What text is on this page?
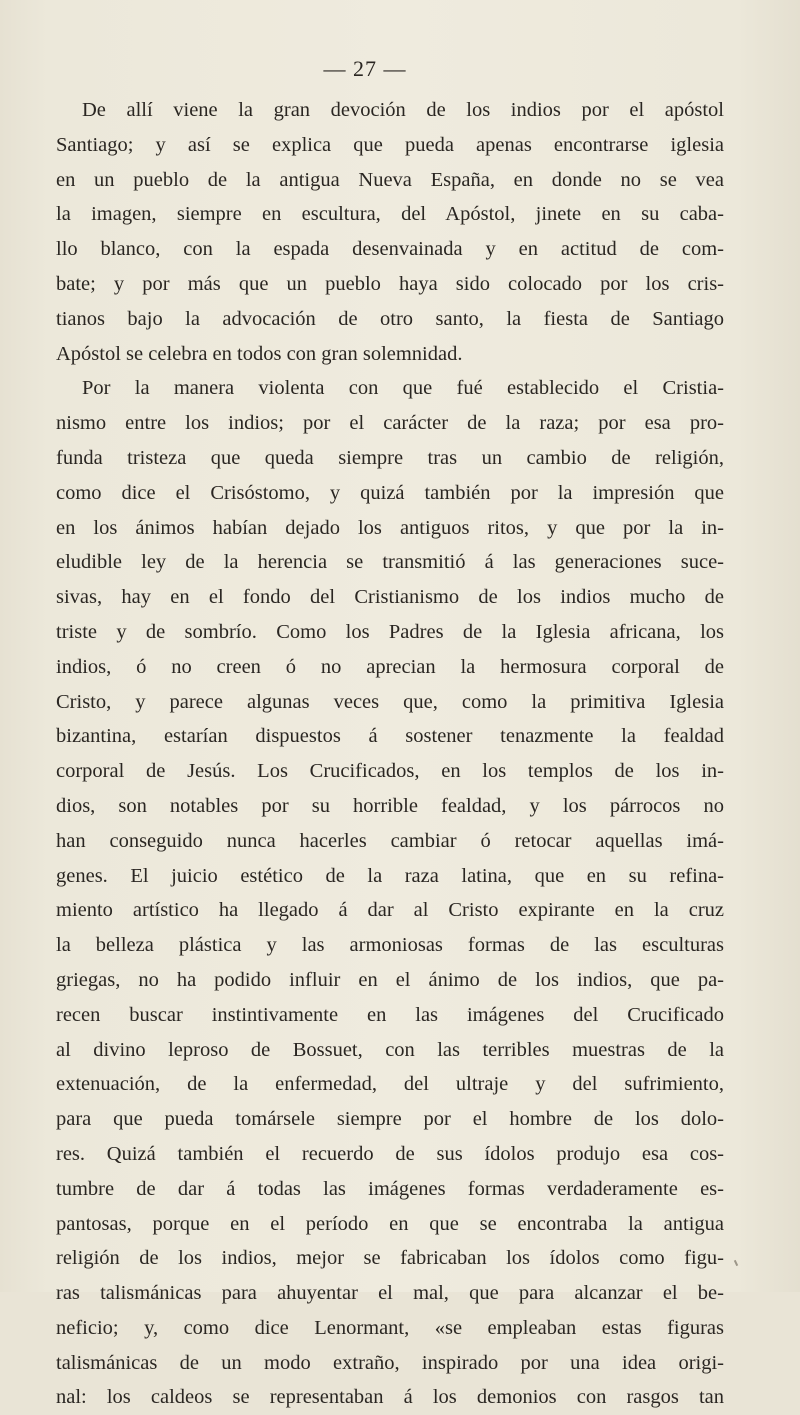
— 27 —
De allí viene la gran devoción de los indios por el apóstol
Santiago; y así se explica que pueda apenas encontrarse iglesia
en un pueblo de la antigua Nueva España, en donde no se vea
la imagen, siempre en escultura, del Apóstol, jinete en su caba-
llo blanco, con la espada desenvainada y en actitud de com-
bate; y por más que un pueblo haya sido colocado por los cris-
tianos bajo la advocación de otro santo, la fiesta de Santiago
Apóstol se celebra en todos con gran solemnidad.
Por la manera violenta con que fué establecido el Cristia-
nismo entre los indios; por el carácter de la raza; por esa pro-
funda tristeza que queda siempre tras un cambio de religión,
como dice el Crisóstomo, y quizá también por la impresión que
en los ánimos habían dejado los antiguos ritos, y que por la in-
eludible ley de la herencia se transmitió á las generaciones suce-
sivas, hay en el fondo del Cristianismo de los indios mucho de
triste y de sombrío. Como los Padres de la Iglesia africana, los
indios, ó no creen ó no aprecian la hermosura corporal de
Cristo, y parece algunas veces que, como la primitiva Iglesia
bizantina, estarían dispuestos á sostener tenazmente la fealdad
corporal de Jesús. Los Crucificados, en los templos de los in-
dios, son notables por su horrible fealdad, y los párrocos no
han conseguido nunca hacerles cambiar ó retocar aquellas imá-
genes. El juicio estético de la raza latina, que en su refina-
miento artístico ha llegado á dar al Cristo expirante en la cruz
la belleza plástica y las armoniosas formas de las esculturas
griegas, no ha podido influir en el ánimo de los indios, que pa-
recen buscar instintivamente en las imágenes del Crucificado
al divino leproso de Bossuet, con las terribles muestras de la
extenuación, de la enfermedad, del ultraje y del sufrimiento,
para que pueda tomársele siempre por el hombre de los dolo-
res. Quizá también el recuerdo de sus ídolos produjo esa cos-
tumbre de dar á todas las imágenes formas verdaderamente es-
pantosas, porque en el período en que se encontraba la antigua
religión de los indios, mejor se fabricaban los ídolos como figu-
ras talismánicas para ahuyentar el mal, que para alcanzar el be-
neficio; y, como dice Lenormant, «se empleaban estas figuras
talismánicas de un modo extraño, inspirado por una idea origi-
nal: los caldeos se representaban á los demonios con rasgos tan
